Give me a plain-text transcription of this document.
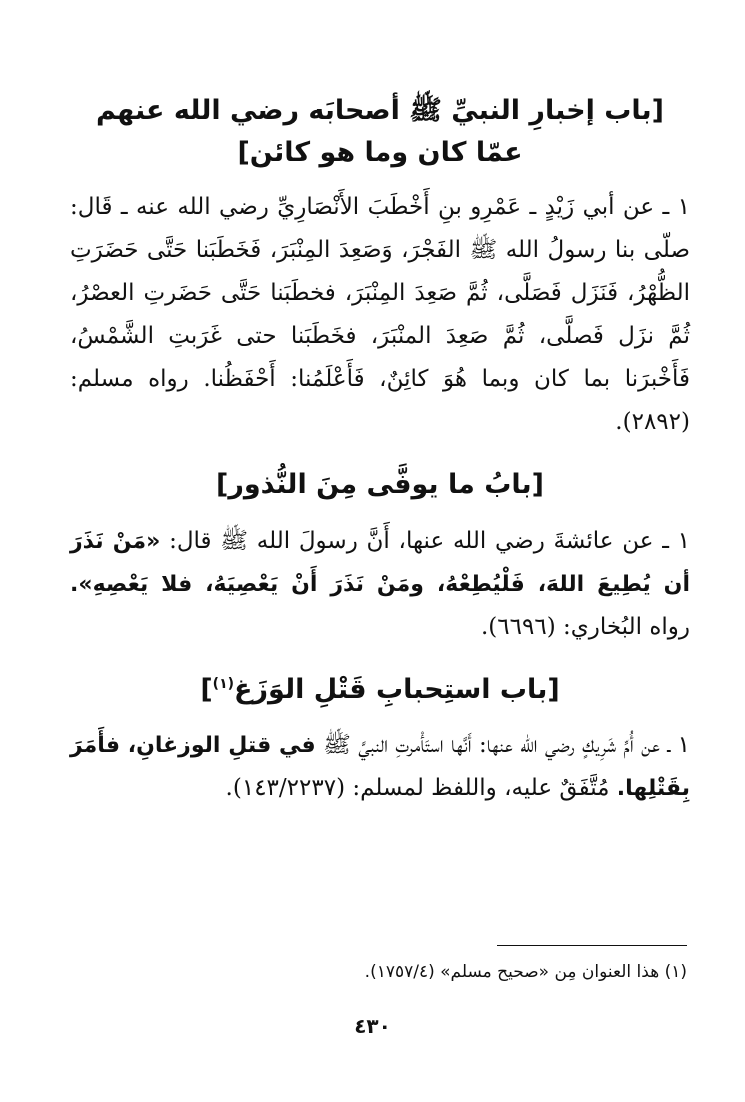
[باب إخبارِ النبيِّ ﷺ أصحابَه رضي الله عنهم
عمّا كان وما هو كائن]

١ ـ عن أبي زَيْدٍ ـ عَمْرِو بنِ أَخْطَبَ الأَنْصَارِيِّ رضي الله عنه ـ قَال: صلّى بنا رسولُ الله ﷺ الفَجْرَ، وَصَعِدَ المِنْبَرَ، فَخَطَبَنا حَتَّى حَضَرَتِ الظُّهْرُ، فَنَزَل فَصَلَّى، ثُمَّ صَعِدَ المِنْبَرَ، فخطَبَنا حَتَّى حَضَرتِ العصْرُ، ثُمَّ نزَل فَصلَّى، ثُمَّ صَعِدَ المنْبَرَ، فخَطَبَنا حتى غَرَبتِ الشَّمْسُ، فَأَخْبرَنا بما كان وبما هُوَ كائِنٌ، فَأَعْلَمُنا: أَحْفَظُنا. رواه مسلم: (٢٨٩٢).

[بابُ ما يوفَّى مِنَ النُّذور]

١ ـ عن عائشةَ رضي الله عنها، أَنَّ رسولَ الله ﷺ قال: «مَنْ نَذَرَ أن يُطِيعَ اللهَ، فَلْيُطِعْهُ، ومَنْ نَذَرَ أَنْ يَعْصِيَهُ، فلا يَعْصِهِ». رواه البُخاري: (٦٦٩٦).

[باب استِحبابِ قَتْلِ الوَزَغ$^{(١)}$]

١ ـ عن أُمِّ شَرِيكٍ رضي الله عنها: أَنَّها استَأْمرتِ النبيَّ ﷺ في قتلِ الوزغانِ، فأَمَرَ بِقَتْلِها. مُتَّفَقٌ عليه، واللفظ لمسلم: (١٤٣/٢٢٣٧).

(١) هذا العنوان مِن «صحيح مسلم» (١٧٥٧/٤).
٤٣٠
